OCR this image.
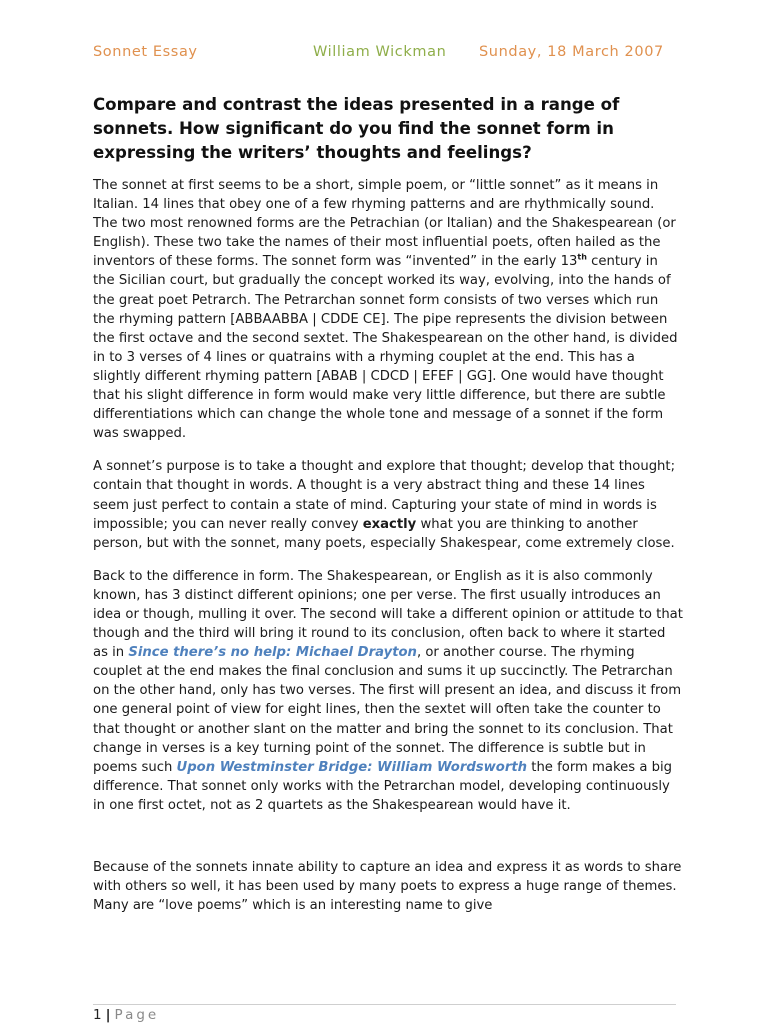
Sonnet Essay	William Wickman Sunday, 18 March 2007
Compare and contrast the ideas presented in a range of sonnets. How significant do you find the sonnet form in expressing the writers’ thoughts and feelings?

The sonnet at first seems to be a short, simple poem, or “little sonnet” as it means in Italian. 14 lines that obey one of a few rhyming patterns and are rhythmically sound. The two most renowned forms are the Petrachian (or Italian) and the Shakespearean (or English). These two take the names of their most influential poets, often hailed as the inventors of these forms. The sonnet form was “invented” in the early 13th century in the Sicilian court, but gradually the concept worked its way, evolving, into the hands of the great poet Petrarch. The Petrarchan sonnet form consists of two verses which run the rhyming pattern [ABBAABBA | CDDE CE]. The pipe represents the division between the first octave and the second sextet. The Shakespearean on the other hand, is divided in to 3 verses of 4 lines or quatrains with a rhyming couplet at the end. This has a slightly different rhyming pattern [ABAB | CDCD | EFEF | GG]. One would have thought that his slight difference in form would make very little difference, but there are subtle differentiations which can change the whole tone and message of a sonnet if the form was swapped.

A sonnet’s purpose is to take a thought and explore that thought; develop that thought; contain that thought in words. A thought is a very abstract thing and these 14 lines seem just perfect to contain a state of mind. Capturing your state of mind in words is impossible; you can never really convey exactly what you are thinking to another person, but with the sonnet, many poets, especially Shakespear, come extremely close.

Back to the difference in form. The Shakespearean, or English as it is also commonly known, has 3 distinct different opinions; one per verse. The first usually introduces an idea or though, mulling it over. The second will take a different opinion or attitude to that though and the third will bring it round to its conclusion, often back to where it started as in Since there’s no help: Michael Drayton, or another course. The rhyming couplet at the end makes the final conclusion and sums it up succinctly. The Petrarchan on the other hand, only has two verses. The first will present an idea, and discuss it from one general point of view for eight lines, then the sextet will often take the counter to that thought or another slant on the matter and bring the sonnet to its conclusion. That change in verses is a key turning point of the sonnet. The difference is subtle but in poems such Upon Westminster Bridge: William Wordsworth the form makes a big difference. That sonnet only works with the Petrarchan model, developing continuously in one first octet, not as 2 quartets as the Shakespearean would have it.

Because of the sonnets innate ability to capture an idea and express it as words to share with others so well, it has been used by many poets to express a huge range of themes. Many are “love poems” which is an interesting name to give

1 | Page
